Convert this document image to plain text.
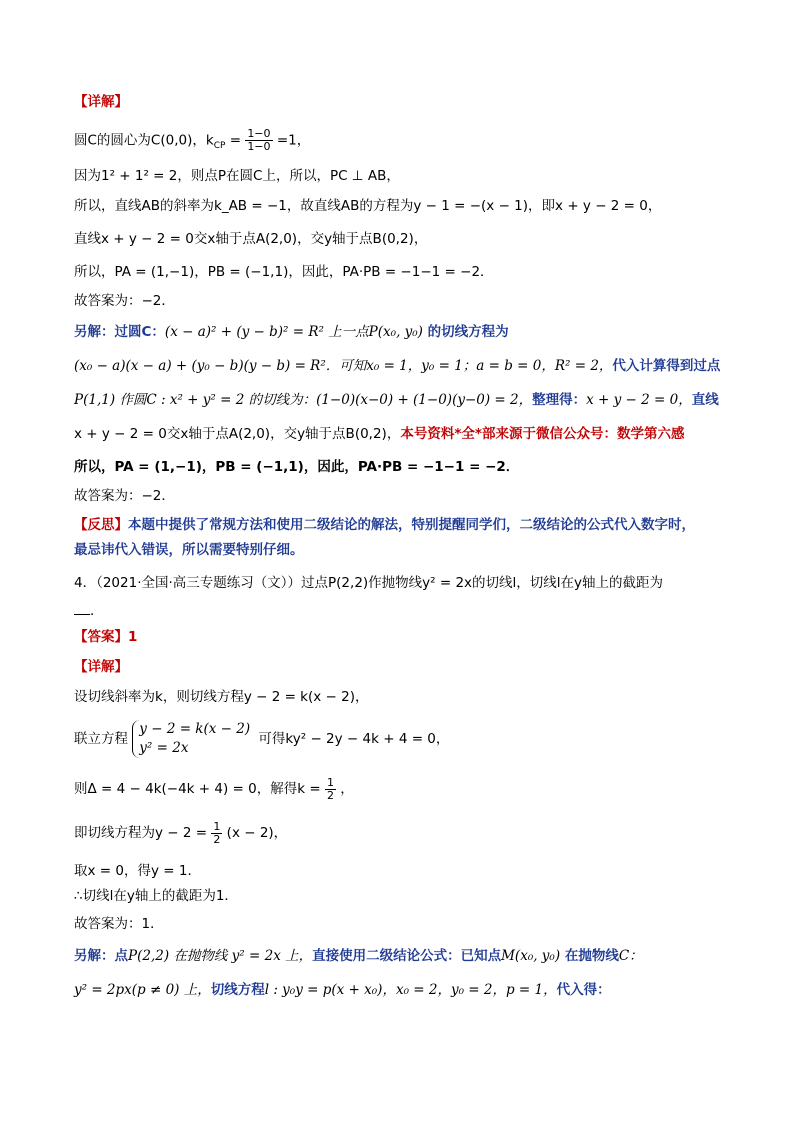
【详解】
圆C的圆心为C(0,0)，$k_{CP} = \frac{1-0}{1-0} =1$，
因为1² + 1² = 2，则点P在圆C上，所以，PC ⊥ AB，
所以，直线AB的斜率为k_AB = −1，故直线AB的方程为y − 1 = −(x − 1)，即x + y − 2 = 0，
直线x + y − 2 = 0交x轴于点A(2,0)，交y轴于点B(0,2)，
所以，PA = (1,−1)，PB = (−1,1)，因此，PA·PB = −1−1 = −2．
故答案为：−2．
另解：过圆C：(x − a)² + (y − b)² = R² 上一点P(x₀, y₀) 的切线方程为
(x₀ − a)(x − a) + (y₀ − b)(y − b) = R²．可知x₀ = 1，y₀ = 1；a = b = 0，R² = 2，代入计算得到过点
P(1,1) 作圆C : x² + y² = 2 的切线为：(1−0)(x−0) + (1−0)(y−0) = 2，整理得：x + y − 2 = 0，直线
x + y − 2 = 0交x轴于点A(2,0)，交y轴于点B(0,2)，本号资料*全*部来源于微信公众号：数学第六感
所以，PA = (1,−1)，PB = (−1,1)，因此，PA·PB = −1−1 = −2．
故答案为：−2．
【反思】本题中提供了常规方法和使用二级结论的解法，特别提醒同学们，二级结论的公式代入数字时，
最忌讳代入错误，所以需要特别仔细。
4．（2021·全国·高三专题练习（文））过点P(2,2)作抛物线y² = 2x的切线l，切线l在y轴上的截距为
．
【答案】1
【详解】
设切线斜率为k，则切线方程y − 2 = k(x − 2)，
联立方程
y − 2 = k(x − 2)
y² = 2x
可得ky² − 2y − 4k + 4 = 0，
则Δ = 4 − 4k(−4k + 4) = 0，解得$k = \frac{1}{2}$ ，
即切线方程为$y - 2 = \frac{1}{2} (x - 2)$，
取x = 0，得y = 1．
∴切线l在y轴上的截距为1．
故答案为：1．
另解：点P(2,2) 在抛物线 y² = 2x 上，直接使用二级结论公式：已知点M(x₀, y₀) 在抛物线C：
y² = 2px(p ≠ 0) 上，切线方程l : y₀y = p(x + x₀)，x₀ = 2，y₀ = 2，p = 1，代入得：
